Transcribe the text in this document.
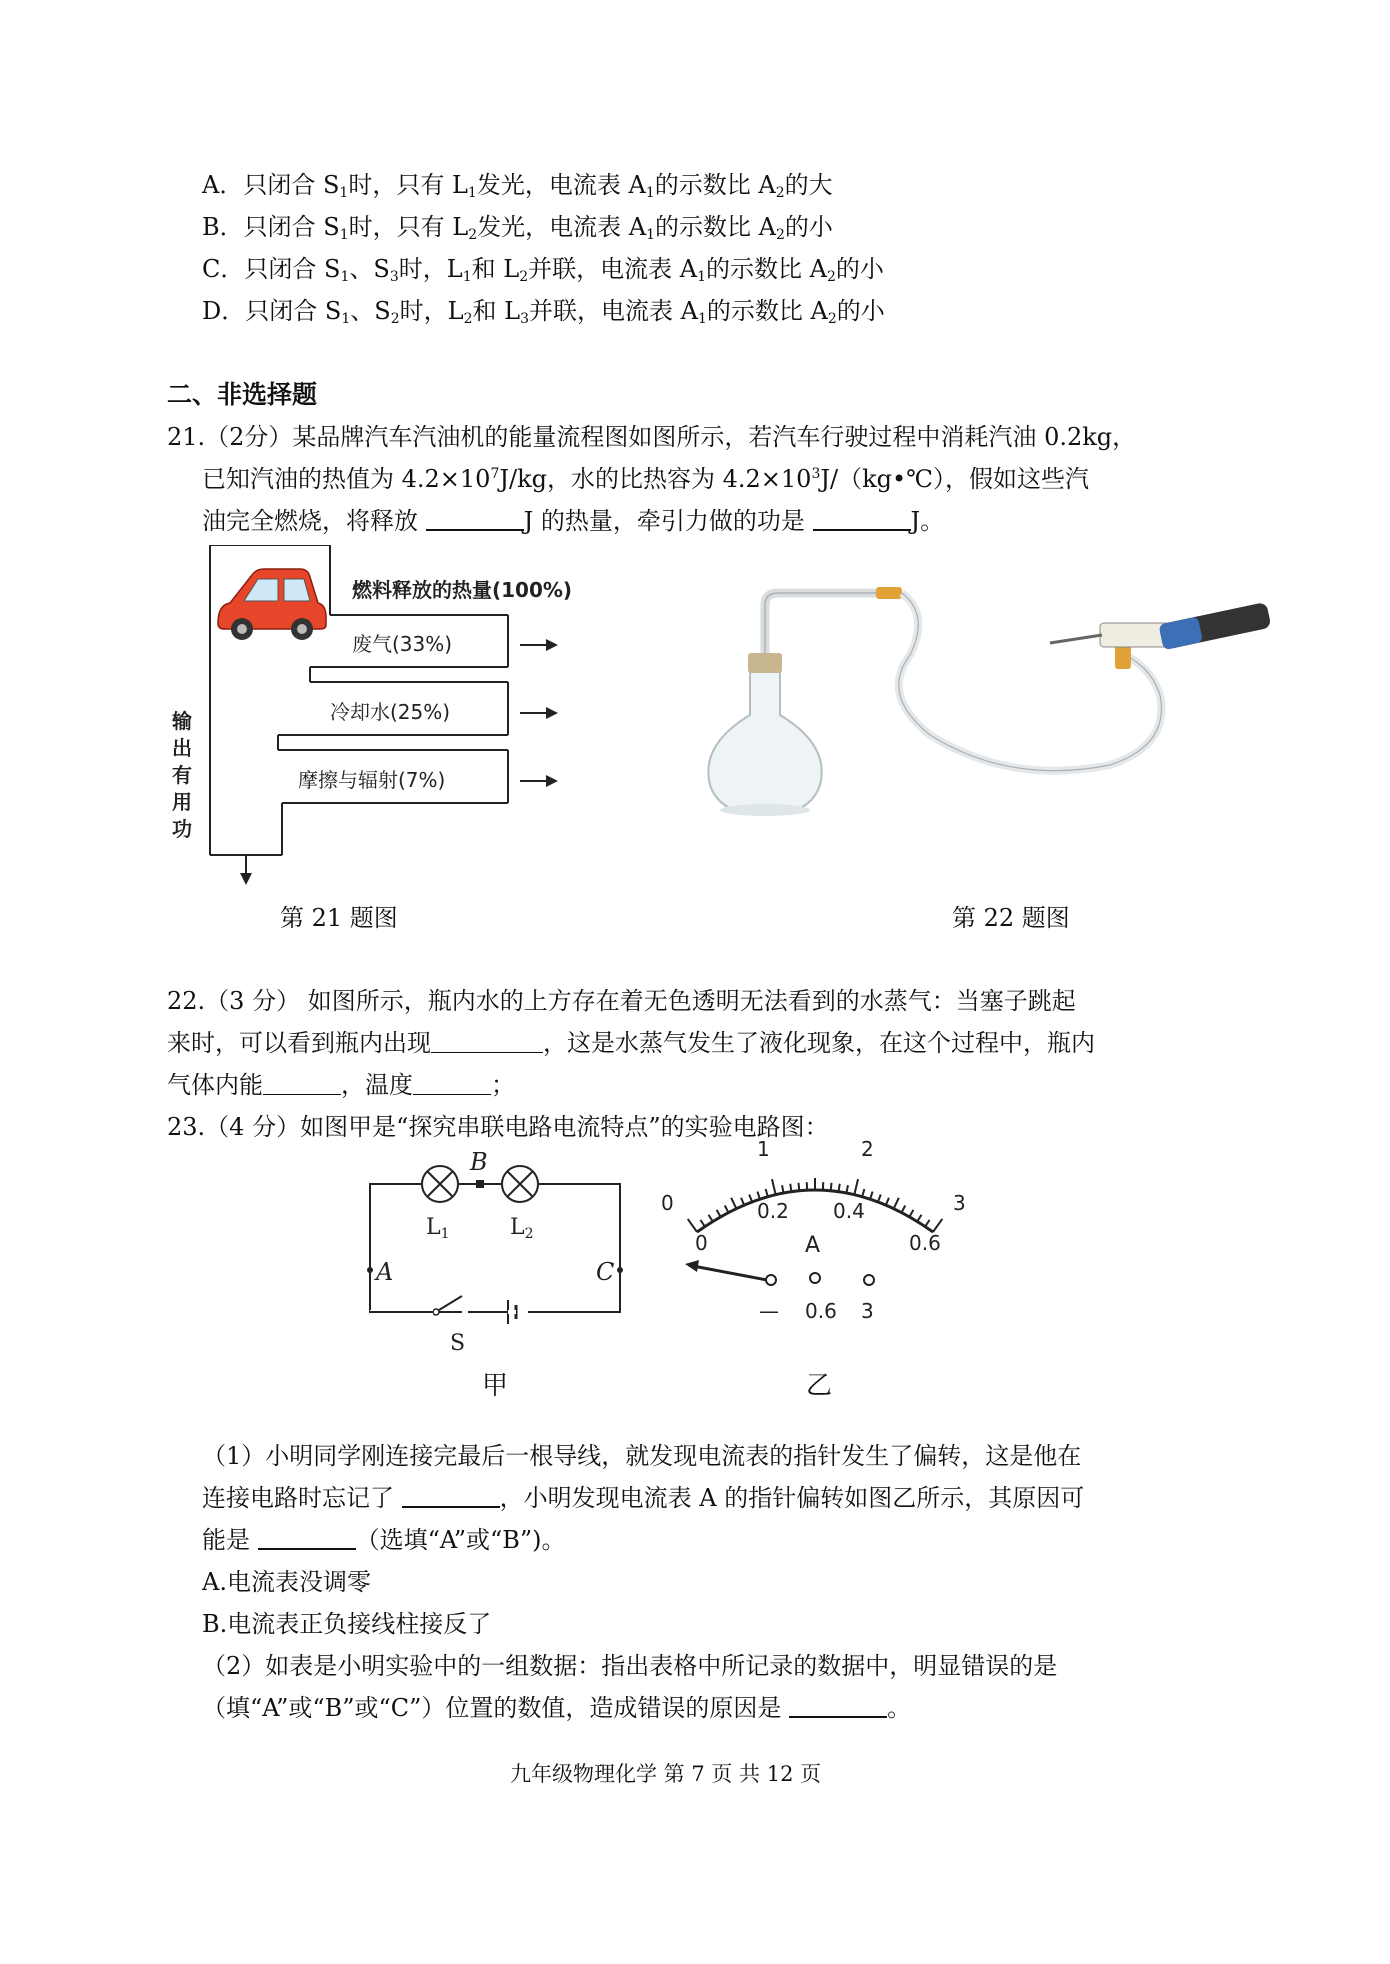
A．只闭合 $S_1$时，只有 $L_1$发光，电流表 $A_1$的示数比 $A_2$的大
B．只闭合 $S_1$时，只有 $L_2$发光，电流表 $A_1$的示数比 $A_2$的小
C．只闭合 $S_1$、$S_3$时，$L_1$和 $L_2$并联，电流表 $A_1$的示数比 $A_2$的小
D．只闭合 $S_1$、$S_2$时，$L_2$和 $L_3$并联，电流表 $A_1$的示数比 $A_2$的小
二、非选择题
21.（2分）某品牌汽车汽油机的能量流程图如图所示，若汽车行驶过程中消耗汽油 0.2kg，
已知汽油的热值为 $4.2\times 10^7J/kg$，水的比热容为 $4.2\times 10^3J/(kg•℃)$，假如这些汽
油完全燃烧，将释放	J 的热量，牵引力做的功是	J。
燃料释放的热量(100%)
废气(33%)
冷却水(25%)
摩擦与辐射(7%)
输
出
有
用
功
第 21 题图	第 22 题图
22.（3 分） 如图所示，瓶内水的上方存在着无色透明无法看到的水蒸气：当塞子跳起
来时，可以看到瓶内出现	，这是水蒸气发生了液化现象，在这个过程中，瓶内
气体内能	，温度	；
23.（4 分）如图甲是“探究串联电路电流特点”的实验电路图：
B
L1	L2
A	C
S
甲
0
1	2
3
0
0.2 0.4
0.6
A
— 0.6 3
乙
（1）小明同学刚连接完最后一根导线，就发现电流表的指针发生了偏转，这是他在
连接电路时忘记了	，小明发现电流表 A 的指针偏转如图乙所示，其原因可
能是	（选填“A”或“B”)。
A.电流表没调零
B.电流表正负接线柱接反了
（2）如表是小明实验中的一组数据：指出表格中所记录的数据中，明显错误的是
（填“A”或“B”或“C”）位置的数值，造成错误的原因是	。
九年级物理化学 第 7 页 共 12 页
